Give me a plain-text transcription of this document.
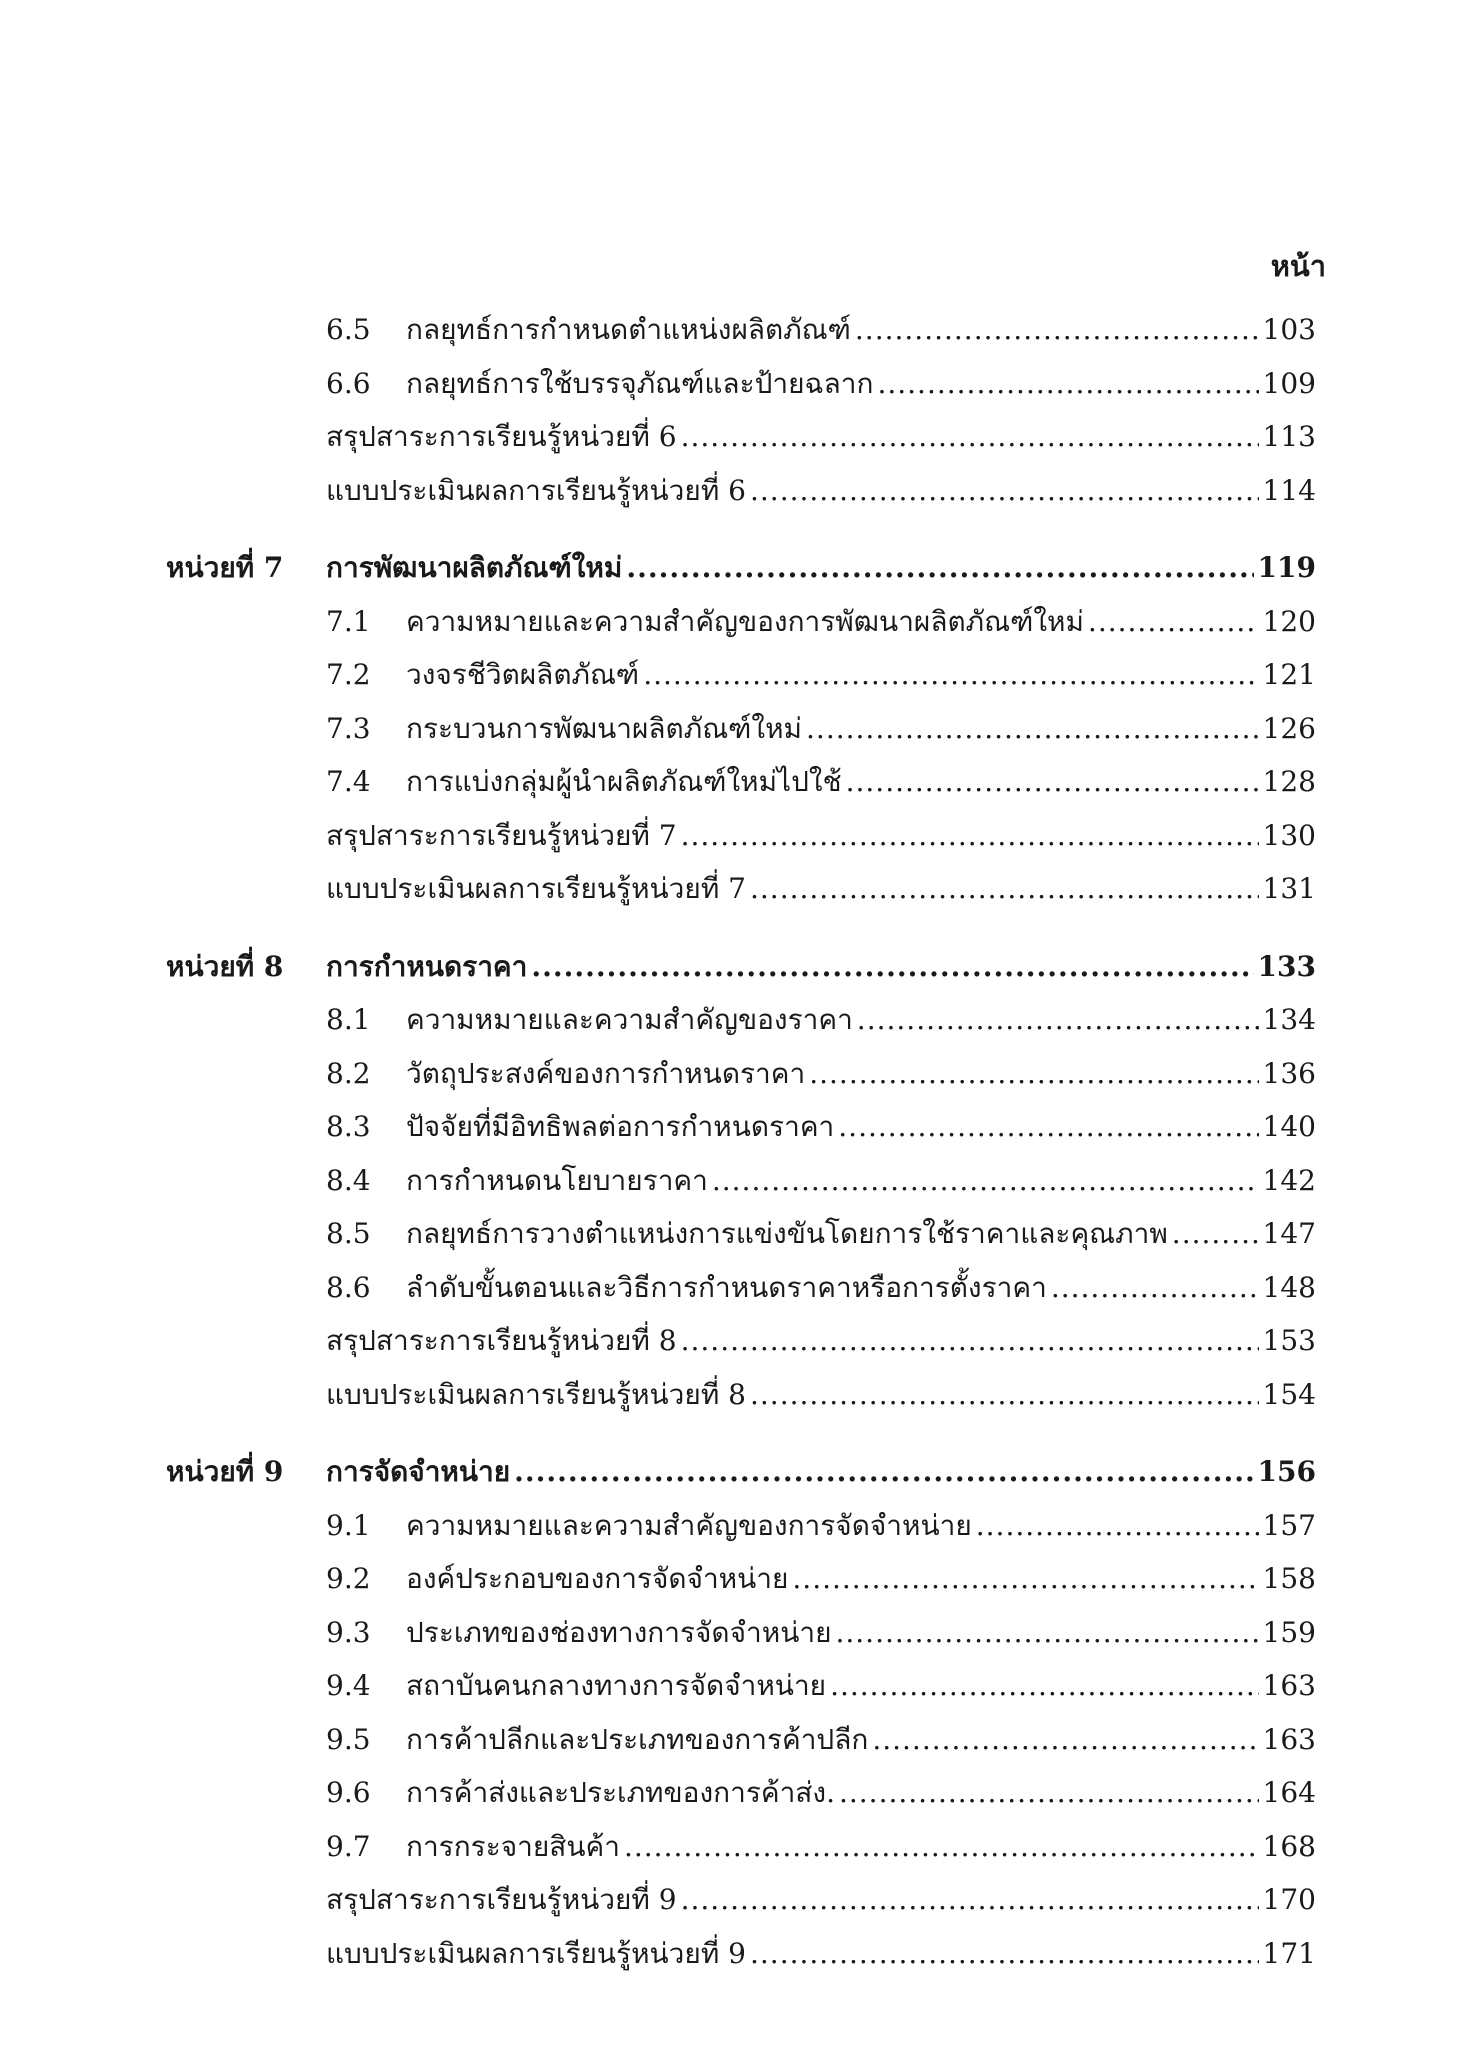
หน้า
6.5	กลยุทธ์การกำหนดตำแหน่งผลิตภัณฑ์ .....	103
6.6	กลยุทธ์การใช้บรรจุภัณฑ์และป้ายฉลาก .....	109
สรุปสาระการเรียนรู้หน่วยที่ 6 .....	113
แบบประเมินผลการเรียนรู้หน่วยที่ 6 .....	114
หน่วยที่ 7 การพัฒนาผลิตภัณฑ์ใหม่ .....	119
7.1	ความหมายและความสำคัญของการพัฒนาผลิตภัณฑ์ใหม่ .....	120
7.2	วงจรชีวิตผลิตภัณฑ์ .....	121
7.3	กระบวนการพัฒนาผลิตภัณฑ์ใหม่ .....	126
7.4	การแบ่งกลุ่มผู้นำผลิตภัณฑ์ใหม่ไปใช้ .....	128
สรุปสาระการเรียนรู้หน่วยที่ 7 .....	130
แบบประเมินผลการเรียนรู้หน่วยที่ 7 .....	131
หน่วยที่ 8 การกำหนดราคา .....	133
8.1	ความหมายและความสำคัญของราคา .....	134
8.2	วัตถุประสงค์ของการกำหนดราคา .....	136
8.3	ปัจจัยที่มีอิทธิพลต่อการกำหนดราคา .....	140
8.4	การกำหนดนโยบายราคา .....	142
8.5	กลยุทธ์การวางตำแหน่งการแข่งขันโดยการใช้ราคาและคุณภาพ .....	147
8.6	ลำดับขั้นตอนและวิธีการกำหนดราคาหรือการตั้งราคา .....	148
สรุปสาระการเรียนรู้หน่วยที่ 8 .....	153
แบบประเมินผลการเรียนรู้หน่วยที่ 8 .....	154
หน่วยที่ 9 การจัดจำหน่าย .....	156
9.1	ความหมายและความสำคัญของการจัดจำหน่าย .....	157
9.2	องค์ประกอบของการจัดจำหน่าย .....	158
9.3	ประเภทของช่องทางการจัดจำหน่าย .....	159
9.4	สถาบันคนกลางทางการจัดจำหน่าย .....	163
9.5	การค้าปลีกและประเภทของการค้าปลีก .....	163
9.6	การค้าส่งและประเภทของการค้าส่ง. .....	164
9.7	การกระจายสินค้า .....	168
สรุปสาระการเรียนรู้หน่วยที่ 9 .....	170
แบบประเมินผลการเรียนรู้หน่วยที่ 9 .....	171
